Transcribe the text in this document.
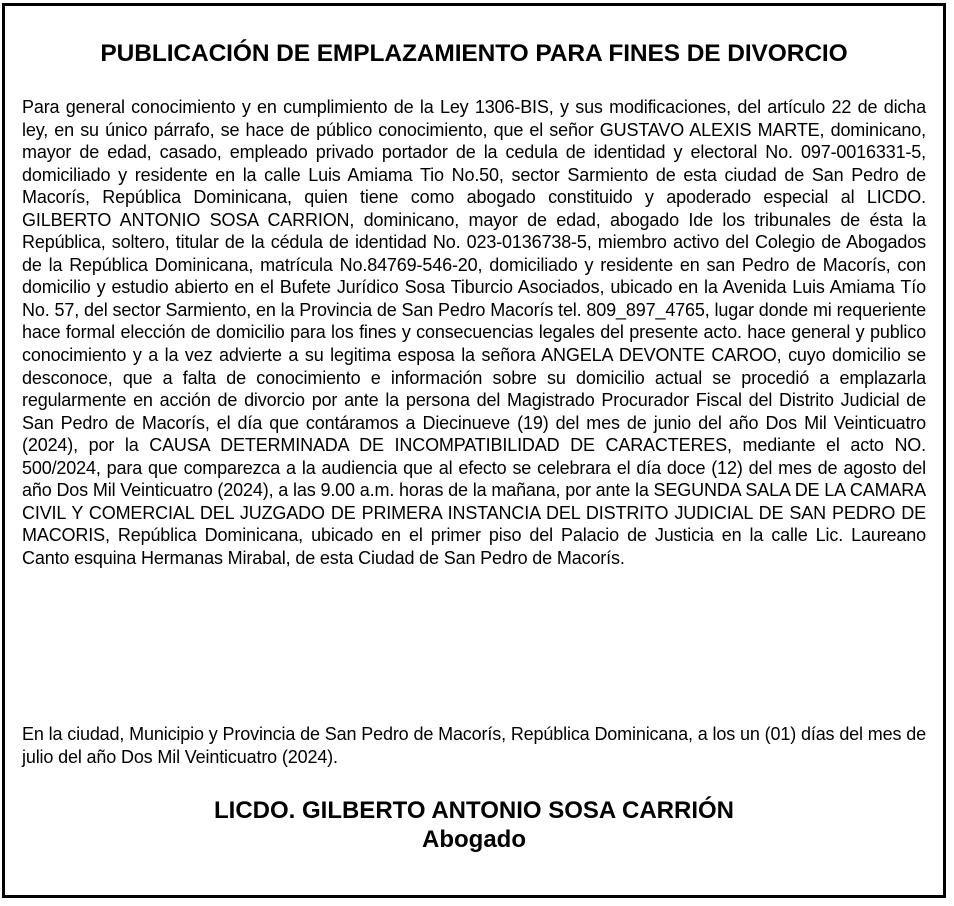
PUBLICACIÓN DE EMPLAZAMIENTO PARA FINES DE DIVORCIO

Para general conocimiento y en cumplimiento de la Ley 1306-BIS, y sus modificaciones, del artículo 22 de dicha ley, en su único párrafo, se hace de público conocimiento, que el señor GUSTAVO ALEXIS MARTE, dominicano, mayor de edad, casado, empleado privado portador de la cedula de identidad y electoral No. 097-0016331-5, domiciliado y residente en la calle Luis Amiama Tio No.50, sector Sarmiento de esta ciudad de San Pedro de Macorís, República Dominicana, quien tiene como abogado constituido y apoderado especial al LICDO. GILBERTO ANTONIO SOSA CARRION, dominicano, mayor de edad, abogado Ide los tribunales de ésta la República, soltero, titular de la cédula de identidad No. 023-0136738-5, miembro activo del Colegio de Abogados de la República Dominicana, matrícula No.84769-546-20, domiciliado y residente en san Pedro de Macorís, con domicilio y estudio abierto en el Bufete Jurídico Sosa Tiburcio Asociados, ubicado en la Avenida Luis Amiama Tío No. 57, del sector Sarmiento, en la Provincia de San Pedro Macorís tel. 809_897_4765, lugar donde mi requeriente hace formal elección de domicilio para los fines y consecuencias legales del presente acto. hace general y publico conocimiento y a la vez advierte a su legitima esposa la señora ANGELA DEVONTE CAROO, cuyo domicilio se desconoce, que a falta de conocimiento e información sobre su domicilio actual se procedió a emplazarla regularmente en acción de divorcio por ante la persona del Magistrado Procurador Fiscal del Distrito Judicial de San Pedro de Macorís, el día que contáramos a Diecinueve (19) del mes de junio del año Dos Mil Veinticuatro (2024), por la CAUSA DETERMINADA DE INCOMPATIBILIDAD DE CARACTERES, mediante el acto NO. 500/2024, para que comparezca a la audiencia que al efecto se celebrara el día doce (12) del mes de agosto del año Dos Mil Veinticuatro (2024), a las 9.00 a.m. horas de la mañana, por ante la SEGUNDA SALA DE LA CAMARA CIVIL Y COMERCIAL DEL JUZGADO DE PRIMERA INSTANCIA DEL DISTRITO JUDICIAL DE SAN PEDRO DE MACORIS, República Dominicana, ubicado en el primer piso del Palacio de Justicia en la calle Lic. Laureano Canto esquina Hermanas Mirabal, de esta Ciudad de San Pedro de Macorís.

En la ciudad, Municipio y Provincia de San Pedro de Macorís, República Dominicana, a los un (01) días del mes de julio del año Dos Mil Veinticuatro (2024).

LICDO. GILBERTO ANTONIO SOSA CARRIÓN
Abogado
